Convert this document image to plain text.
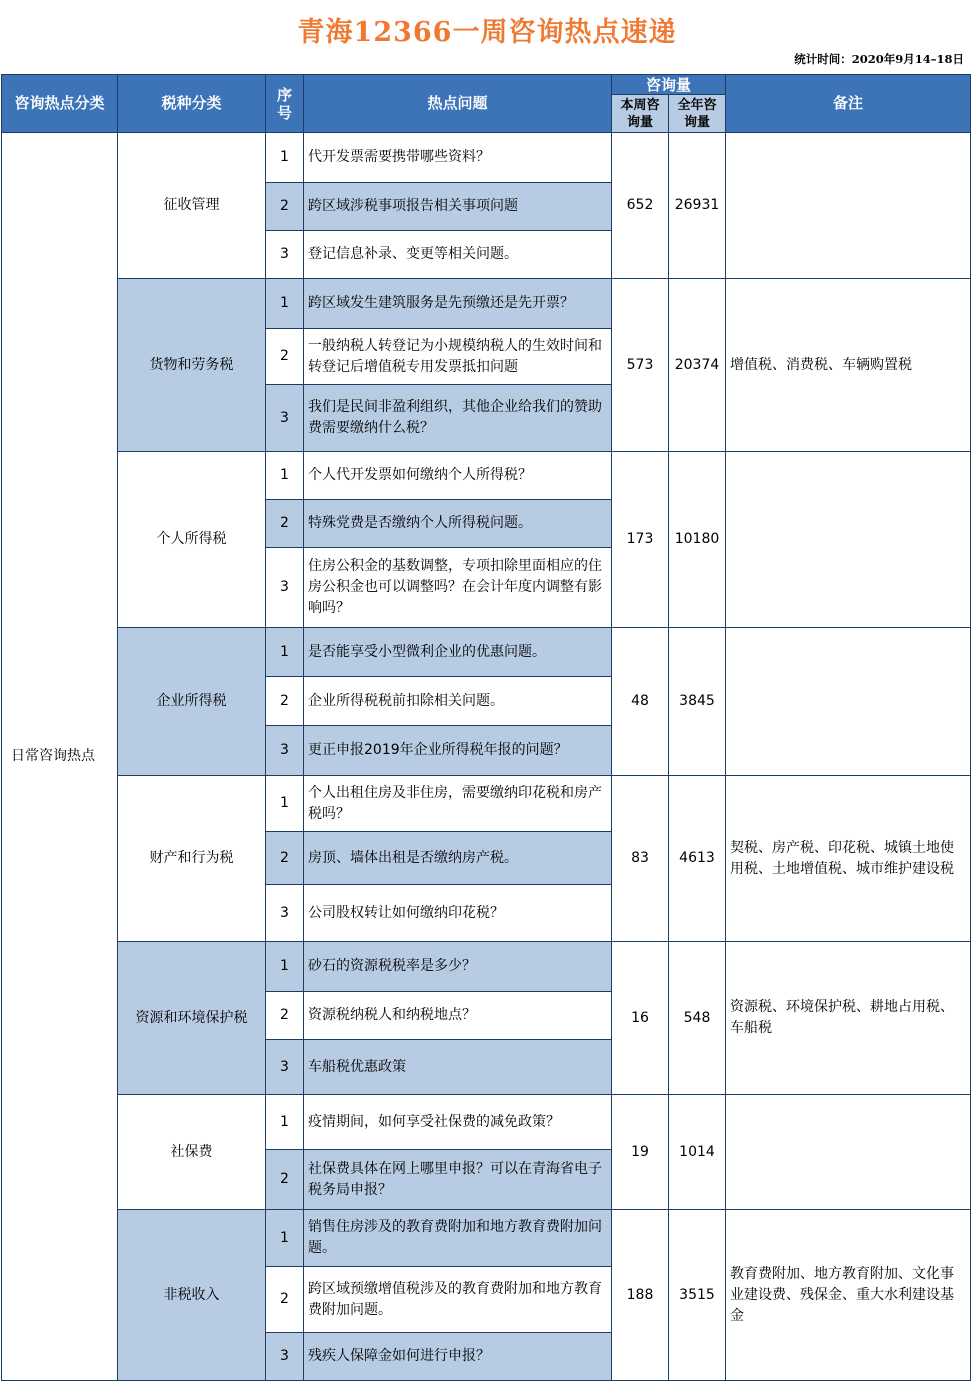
青海12366一周咨询热点速递
统计时间：2020年9月14–18日
咨询热点分类	税种分类	序号	热点问题	咨询量		备注
				本周咨询量	全年咨询量	
日常咨询热点	征收管理	1	代开发票需要携带哪些资料？	652	26931	
		2	跨区域涉税事项报告相关事项问题			
		3	登记信息补录、变更等相关问题。			
	货物和劳务税	1	跨区域发生建筑服务是先预缴还是先开票？	573	20374	增值税、消费税、车辆购置税
		2	一般纳税人转登记为小规模纳税人的生效时间和转登记后增值税专用发票抵扣问题			
		3	我们是民间非盈利组织，其他企业给我们的赞助费需要缴纳什么税？			
	个人所得税	1	个人代开发票如何缴纳个人所得税？	173	10180	
		2	特殊党费是否缴纳个人所得税问题。			
		3	住房公积金的基数调整，专项扣除里面相应的住房公积金也可以调整吗？在会计年度内调整有影响吗？			
	企业所得税	1	是否能享受小型微利企业的优惠问题。	48	3845	
		2	企业所得税税前扣除相关问题。			
		3	更正申报2019年企业所得税年报的问题？			
	财产和行为税	1	个人出租住房及非住房，需要缴纳印花税和房产税吗？	83	4613	契税、房产税、印花税、城镇土地使用税、土地增值税、城市维护建设税
		2	房顶、墙体出租是否缴纳房产税。			
		3	公司股权转让如何缴纳印花税？			
	资源和环境保护税	1	砂石的资源税税率是多少？	16	548	资源税、环境保护税、耕地占用税、车船税
		2	资源税纳税人和纳税地点？			
		3	车船税优惠政策			
	社保费	1	疫情期间，如何享受社保费的减免政策？	19	1014	
		2	社保费具体在网上哪里申报？可以在青海省电子税务局申报？			
	非税收入	1	销售住房涉及的教育费附加和地方教育费附加问题。	188	3515	教育费附加、地方教育附加、文化事业建设费、残保金、重大水利建设基金
		2	跨区域预缴增值税涉及的教育费附加和地方教育费附加问题。			
		3	残疾人保障金如何进行申报？			
